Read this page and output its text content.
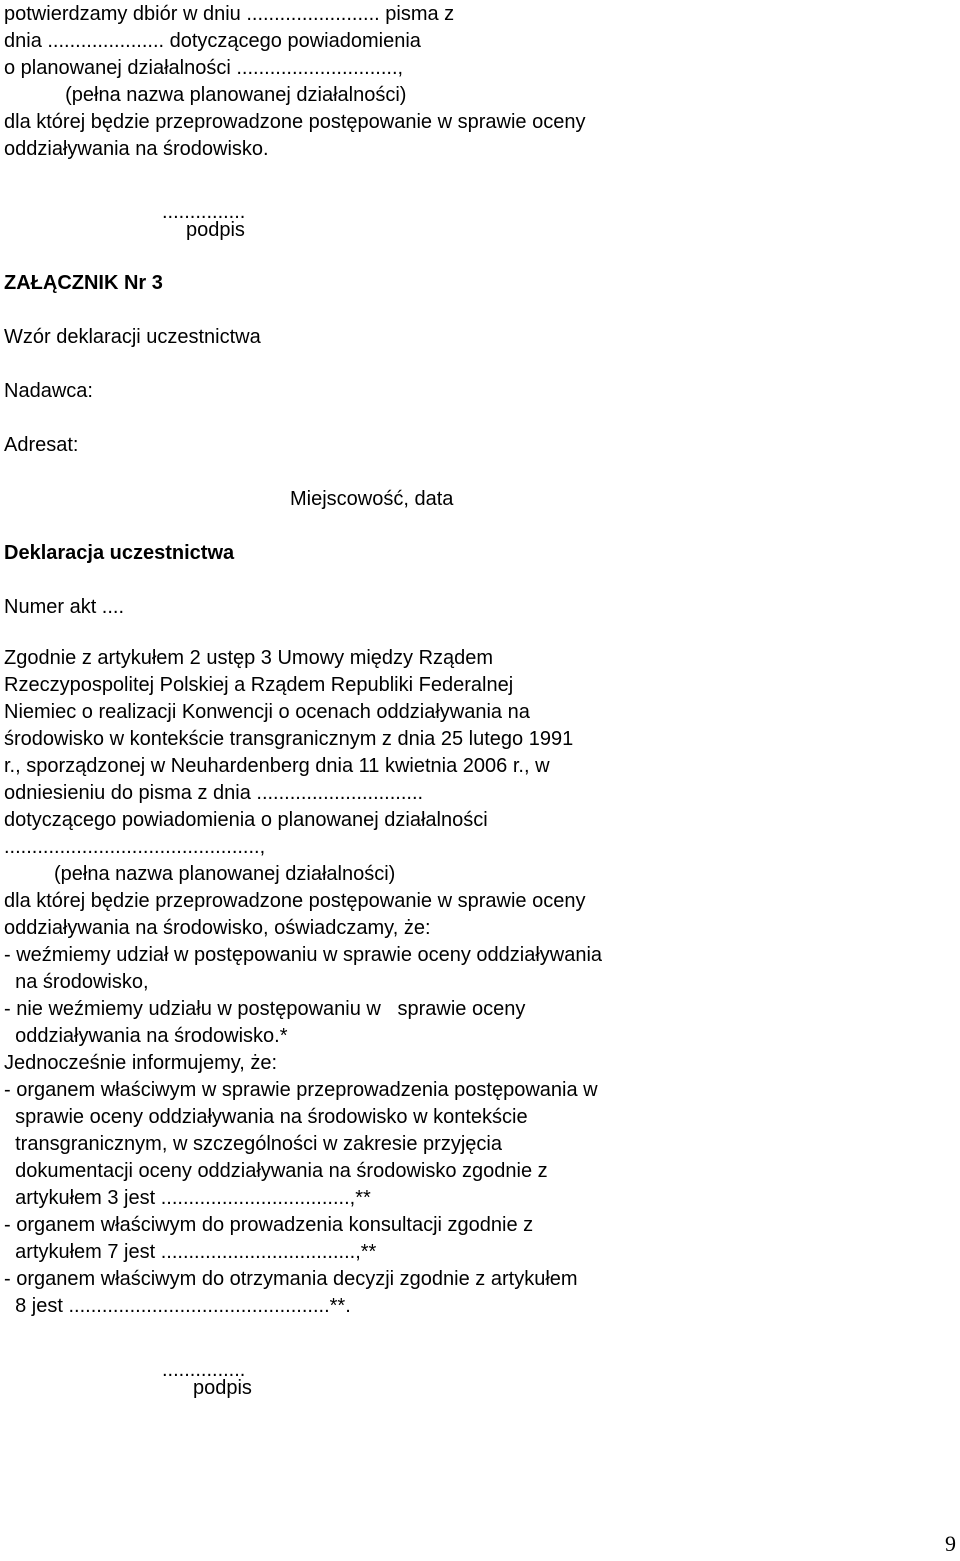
potwierdzamy dbiór w dniu ........................ pisma z
dnia ..................... dotyczącego powiadomienia
o planowanej działalności .............................,
(pełna nazwa planowanej działalności)
dla której będzie przeprowadzone postępowanie w sprawie oceny
oddziaływania na środowisko.
...............
podpis
ZAŁĄCZNIK Nr 3
Wzór deklaracji uczestnictwa
Nadawca:
Adresat:
Miejscowość, data
Deklaracja uczestnictwa
Numer akt ....
Zgodnie z artykułem 2 ustęp 3 Umowy między Rządem
Rzeczypospolitej Polskiej a Rządem Republiki Federalnej
Niemiec o realizacji Konwencji o ocenach oddziaływania na
środowisko w kontekście transgranicznym z dnia 25 lutego 1991
r., sporządzonej w Neuhardenberg dnia 11 kwietnia 2006 r., w
odniesieniu do pisma z dnia ..............................
dotyczącego powiadomienia o planowanej działalności
..............................................,
(pełna nazwa planowanej działalności)
dla której będzie przeprowadzone postępowanie w sprawie oceny
oddziaływania na środowisko, oświadczamy, że:
- weźmiemy udział w postępowaniu w sprawie oceny oddziaływania
na środowisko,
- nie weźmiemy udziału w postępowaniu w   sprawie oceny
oddziaływania na środowisko.*
Jednocześnie informujemy, że:
- organem właściwym w sprawie przeprowadzenia postępowania w
sprawie oceny oddziaływania na środowisko w kontekście
transgranicznym, w szczególności w zakresie przyjęcia
dokumentacji oceny oddziaływania na środowisko zgodnie z
artykułem 3 jest ..................................,**
- organem właściwym do prowadzenia konsultacji zgodnie z
artykułem 7 jest ...................................,**
- organem właściwym do otrzymania decyzji zgodnie z artykułem
8 jest ...............................................**.
...............
podpis
9
